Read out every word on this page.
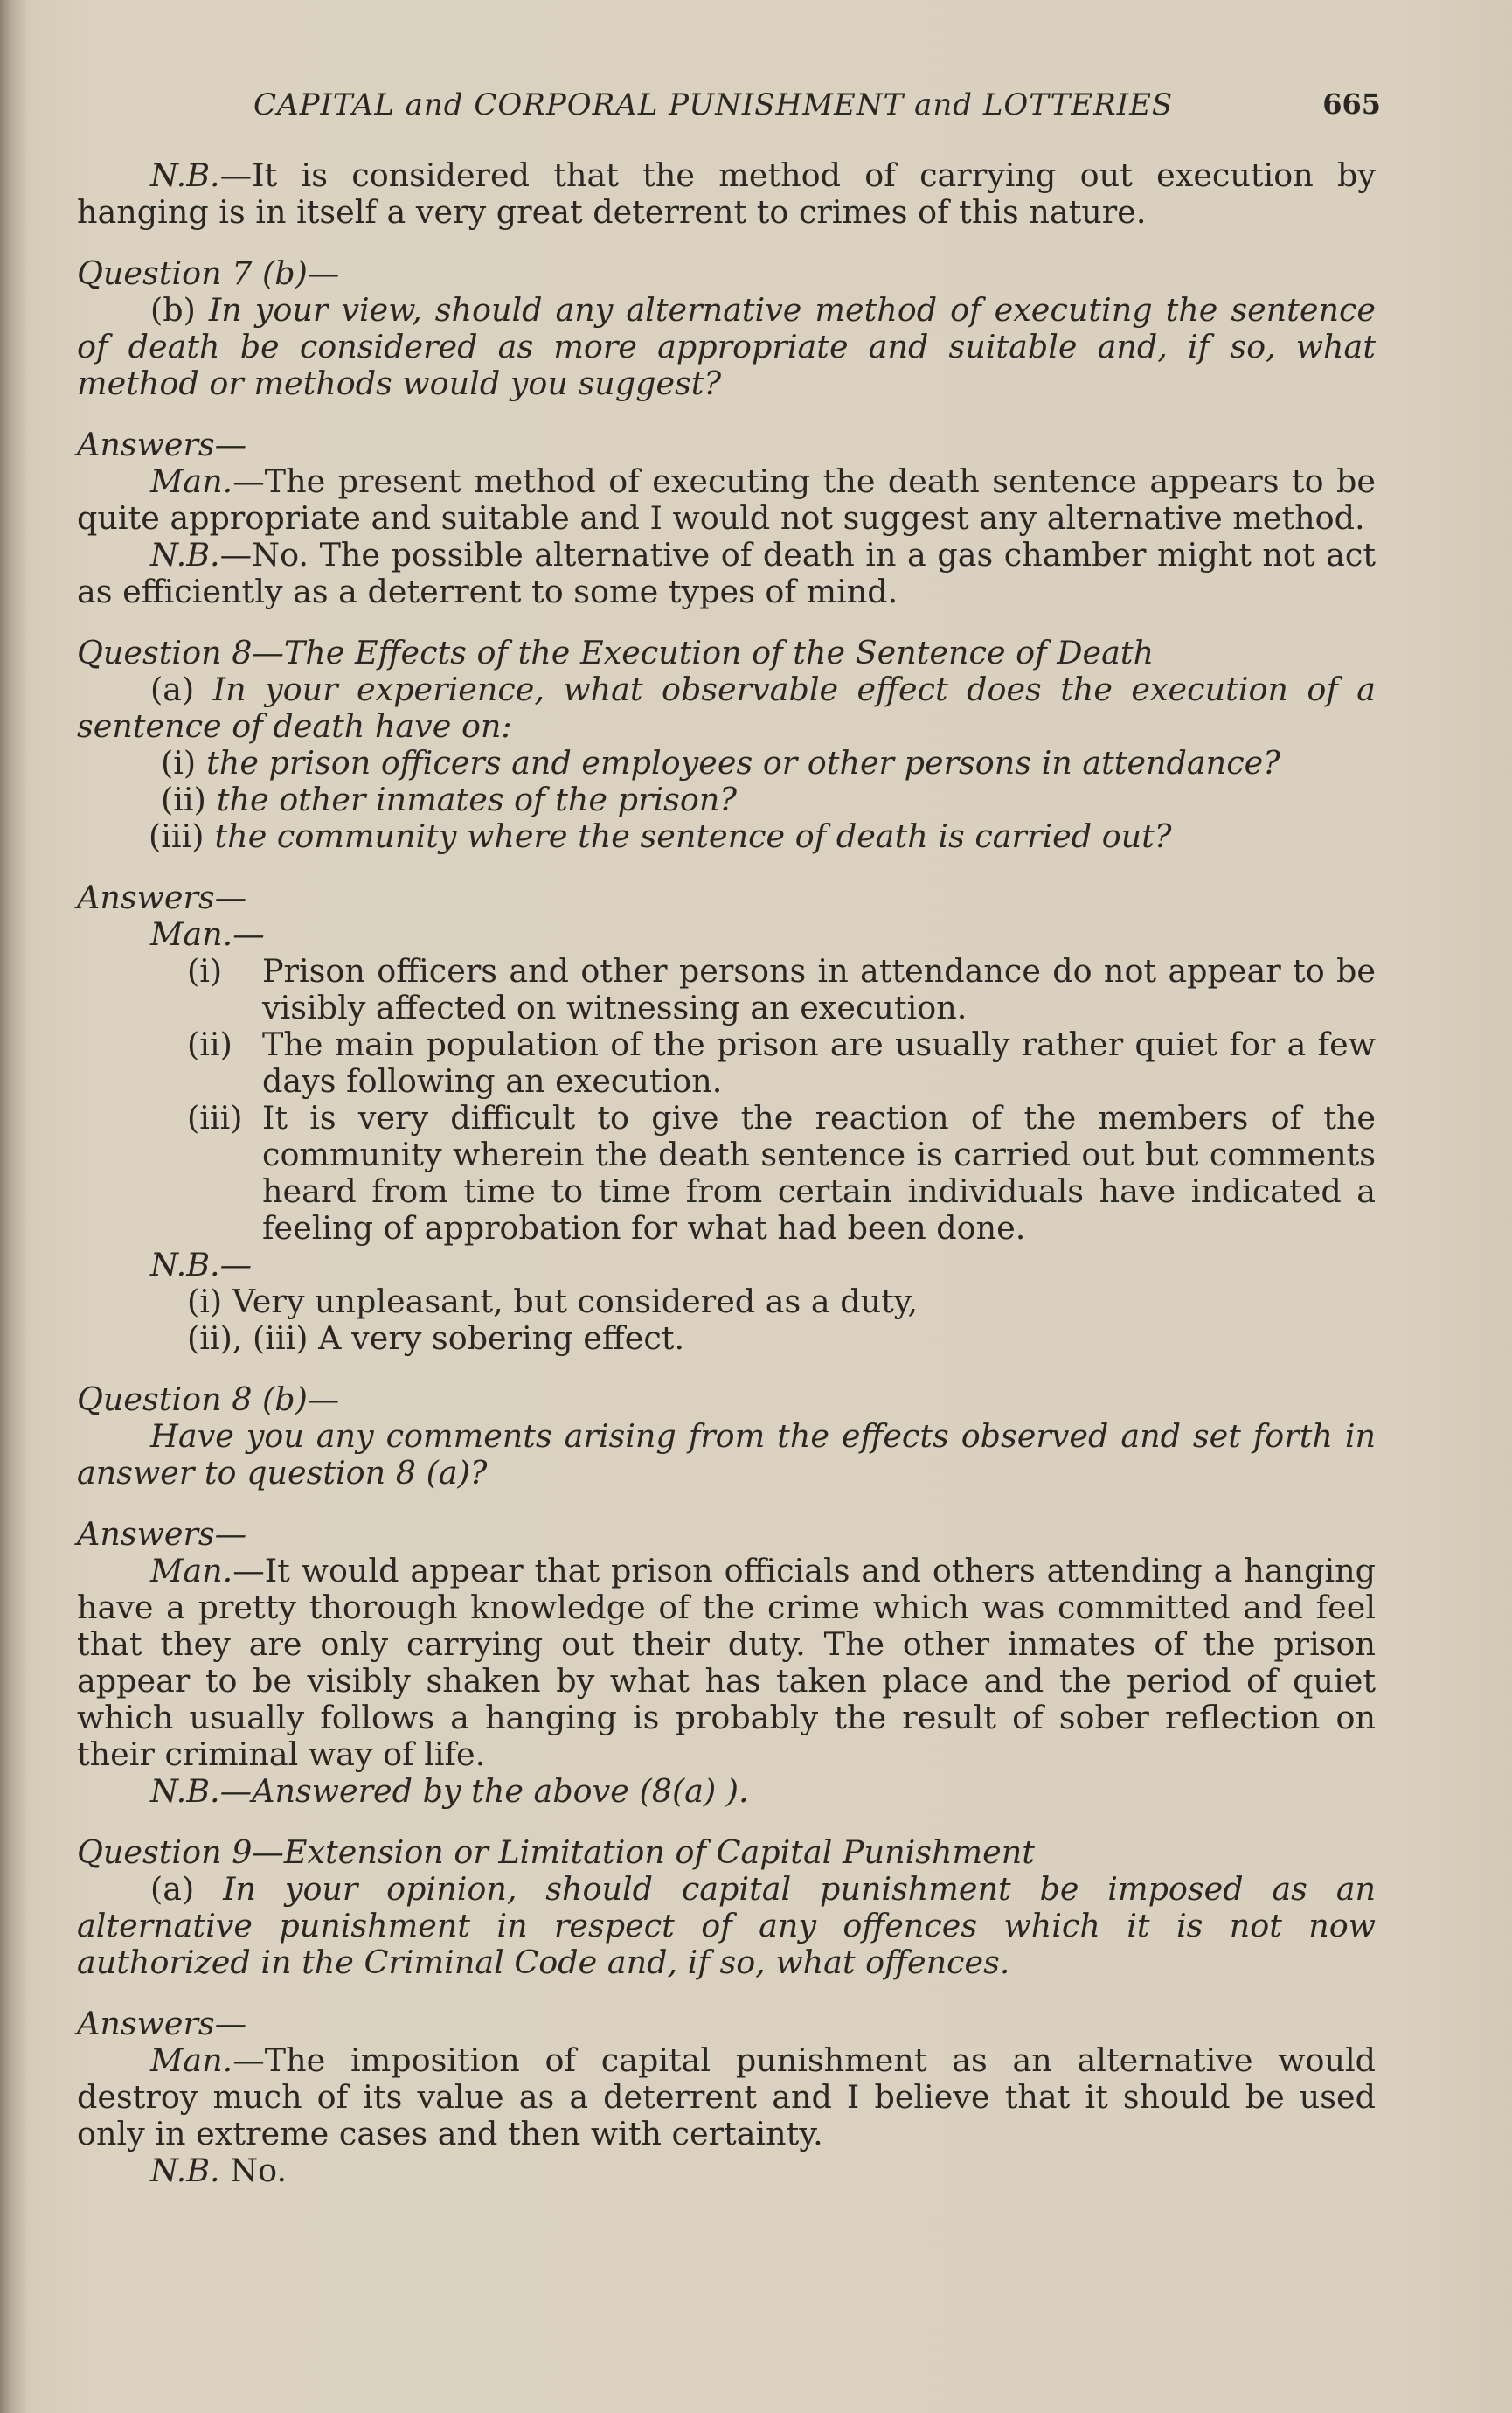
CAPITAL and CORPORAL PUNISHMENT and LOTTERIES	665

N.B.—It is considered that the method of carrying out execution by hanging is in itself a very great deterrent to crimes of this nature.

Question 7 (b)—

(b) In your view, should any alternative method of executing the sentence of death be considered as more appropriate and suitable and, if so, what method or methods would you suggest?

Answers—

Man.—The present method of executing the death sentence appears to be quite appropriate and suitable and I would not suggest any alternative method.

N.B.—No. The possible alternative of death in a gas chamber might not act as efficiently as a deterrent to some types of mind.

Question 8—The Effects of the Execution of the Sentence of Death

(a) In your experience, what observable effect does the execution of a sentence of death have on:

(i) the prison officers and employees or other persons in attendance?
(ii) the other inmates of the prison?
(iii) the community where the sentence of death is carried out?

Answers—

Man.—

(i)	Prison officers and other persons in attendance do not appear to be visibly affected on witnessing an execution.
(ii) The main population of the prison are usually rather quiet for a few days following an execution.
(iii) It is very difficult to give the reaction of the members of the community wherein the death sentence is carried out but comments heard from time to time from certain individuals have indicated a feeling of approbation for what had been done.

N.B.—

(i) Very unpleasant, but considered as a duty,

(ii), (iii) A very sobering effect.

Question 8 (b)—

Have you any comments arising from the effects observed and set forth in answer to question 8 (a)?

Answers—

Man.—It would appear that prison officials and others attending a hanging have a pretty thorough knowledge of the crime which was committed and feel that they are only carrying out their duty. The other inmates of the prison appear to be visibly shaken by what has taken place and the period of quiet which usually follows a hanging is probably the result of sober reflection on their criminal way of life.

N.B.—Answered by the above (8(a) ).

Question 9—Extension or Limitation of Capital Punishment

(a) In your opinion, should capital punishment be imposed as an alternative punishment in respect of any offences which it is not now authorized in the Criminal Code and, if so, what offences.

Answers—

Man.—The imposition of capital punishment as an alternative would destroy much of its value as a deterrent and I believe that it should be used only in extreme cases and then with certainty.

N.B. No.
